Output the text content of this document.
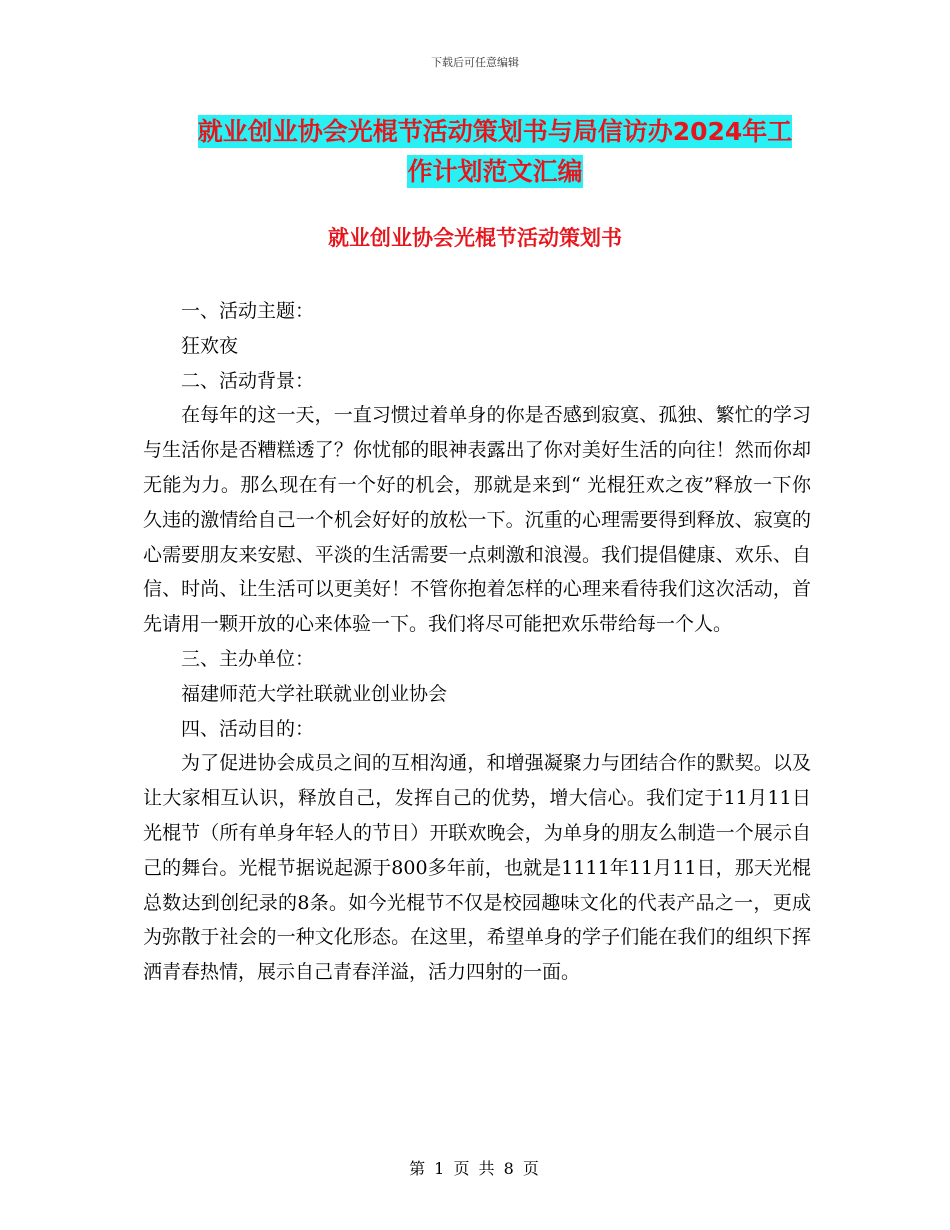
下载后可任意编辑
就业创业协会光棍节活动策划书与局信访办2024年工
作计划范文汇编
就业创业协会光棍节活动策划书

一、活动主题：

狂欢夜

二、活动背景：

在每年的这一天，一直习惯过着单身的你是否感到寂寞、孤独、繁忙的学习与生活你是否糟糕透了？你忧郁的眼神表露出了你对美好生活的向往！然而你却无能为力。那么现在有一个好的机会，那就是来到“ 光棍狂欢之夜”释放一下你久违的激情给自己一个机会好好的放松一下。沉重的心理需要得到释放、寂寞的心需要朋友来安慰、平淡的生活需要一点刺激和浪漫。我们提倡健康、欢乐、自信、时尚、让生活可以更美好！不管你抱着怎样的心理来看待我们这次活动，首先请用一颗开放的心来体验一下。我们将尽可能把欢乐带给每一个人。

三、主办单位：

福建师范大学社联就业创业协会

四、活动目的：

为了促进协会成员之间的互相沟通，和增强凝聚力与团结合作的默契。以及让大家相互认识，释放自己，发挥自己的优势，增大信心。我们定于11月11日光棍节（所有单身年轻人的节日）开联欢晚会，为单身的朋友么制造一个展示自己的舞台。光棍节据说起源于800多年前，也就是1111年11月11日，那天光棍总数达到创纪录的8条。如今光棍节不仅是校园趣味文化的代表产品之一，更成为弥散于社会的一种文化形态。在这里，希望单身的学子们能在我们的组织下挥洒青春热情，展示自己青春洋溢，活力四射的一面。

第 1 页 共 8 页
